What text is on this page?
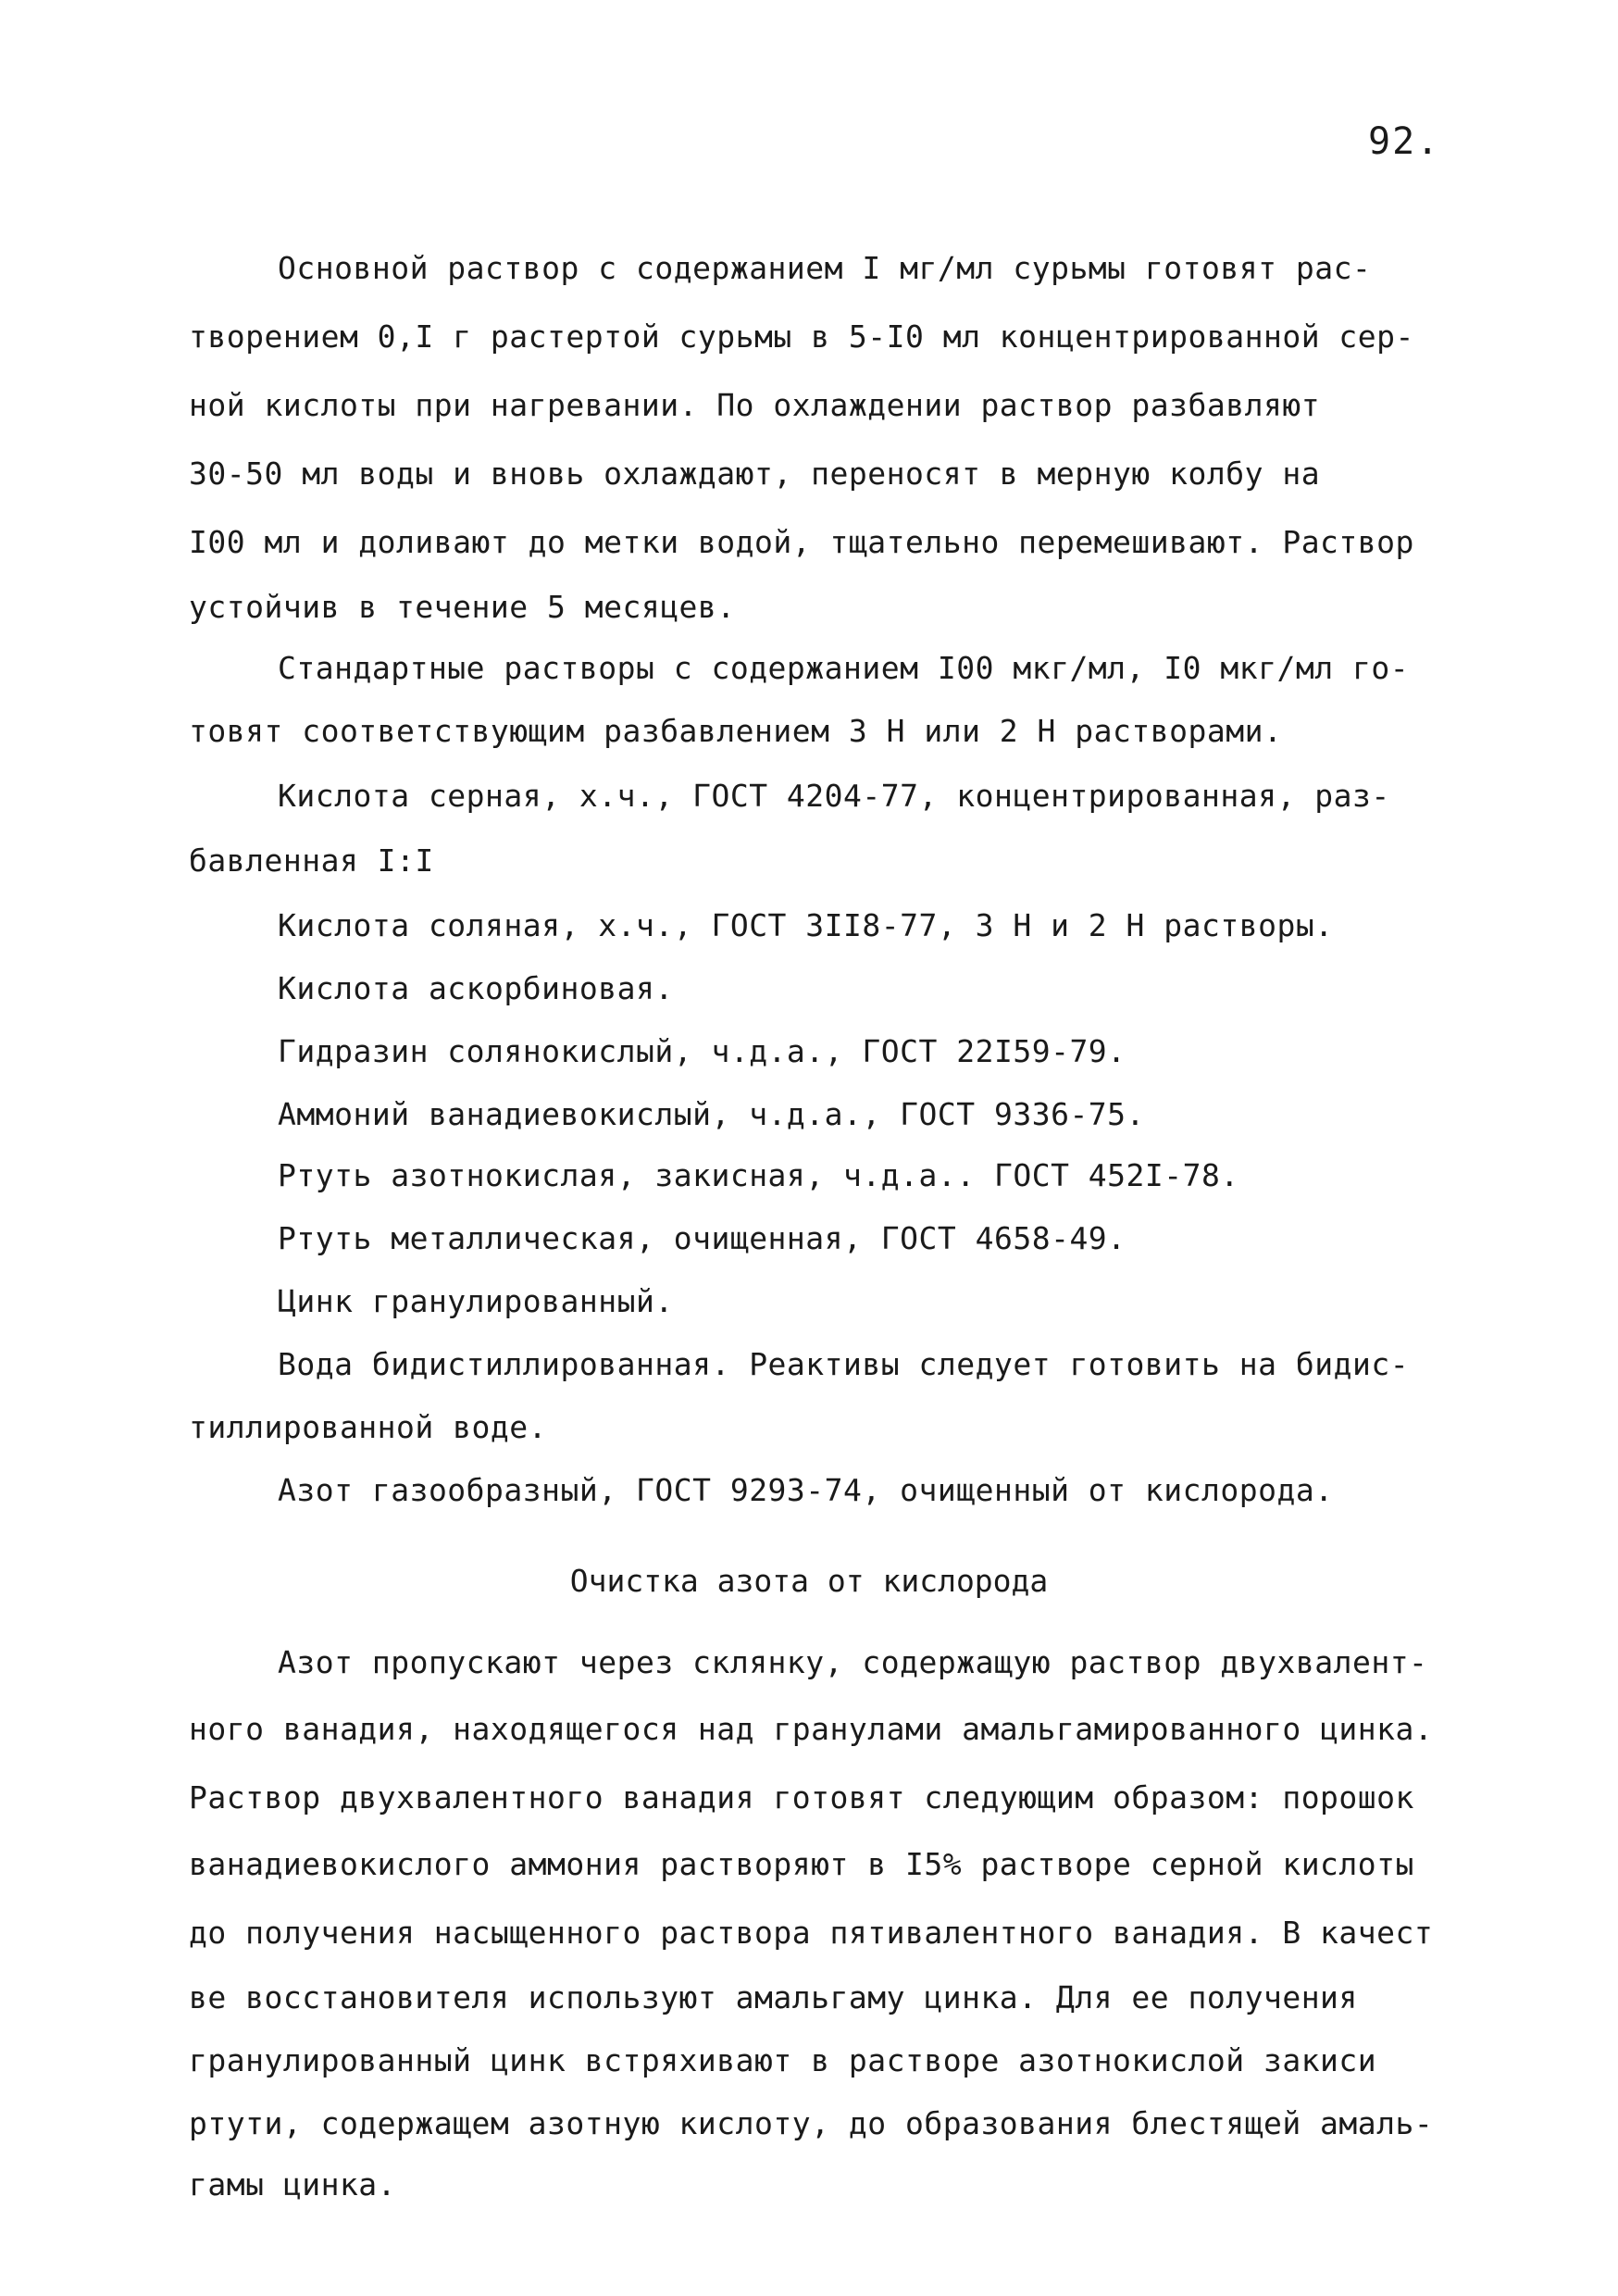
92.
Основной раствор с содержанием I мг/мл сурьмы готовят рас-
творением 0,I г растертой сурьмы в 5-I0 мл концентрированной сер-
ной кислоты при нагревании. По охлаждении раствор разбавляют
30-50 мл воды и вновь охлаждают, переносят в мерную колбу на
I00 мл и доливают до метки водой, тщательно перемешивают. Раствор
устойчив в течение 5 месяцев.
Стандартные растворы с содержанием I00 мкг/мл, I0 мкг/мл го-
товят соответствующим разбавлением 3 Н или 2 Н растворами.
Кислота серная, х.ч., ГОСТ 4204-77, концентрированная, раз-
бавленная I:I
Кислота соляная, х.ч., ГОСТ 3II8-77, 3 Н и 2 Н растворы.
Кислота аскорбиновая.
Гидразин солянокислый, ч.д.а., ГОСТ 22I59-79.
Аммоний ванадиевокислый, ч.д.а., ГОСТ 9336-75.
Ртуть азотнокислая, закисная, ч.д.а.. ГОСТ 452I-78.
Ртуть металлическая, очищенная, ГОСТ 4658-49.
Цинк гранулированный.
Вода бидистиллированная. Реактивы следует готовить на бидис-
тиллированной воде.
Азот газообразный, ГОСТ 9293-74, очищенный от кислорода.
Очистка азота от кислорода
Азот пропускают через склянку, содержащую раствор двухвалент-
ного ванадия, находящегося над гранулами амальгамированного цинка.
Раствор двухвалентного ванадия готовят следующим образом: порошок
ванадиевокислого аммония растворяют в I5% растворе серной кислоты
до получения насыщенного раствора пятивалентного ванадия. В качест
ве восстановителя используют амальгаму цинка. Для ее получения
гранулированный цинк встряхивают в растворе азотнокислой закиси
ртути, содержащем азотную кислоту, до образования блестящей амаль-
гамы цинка.
